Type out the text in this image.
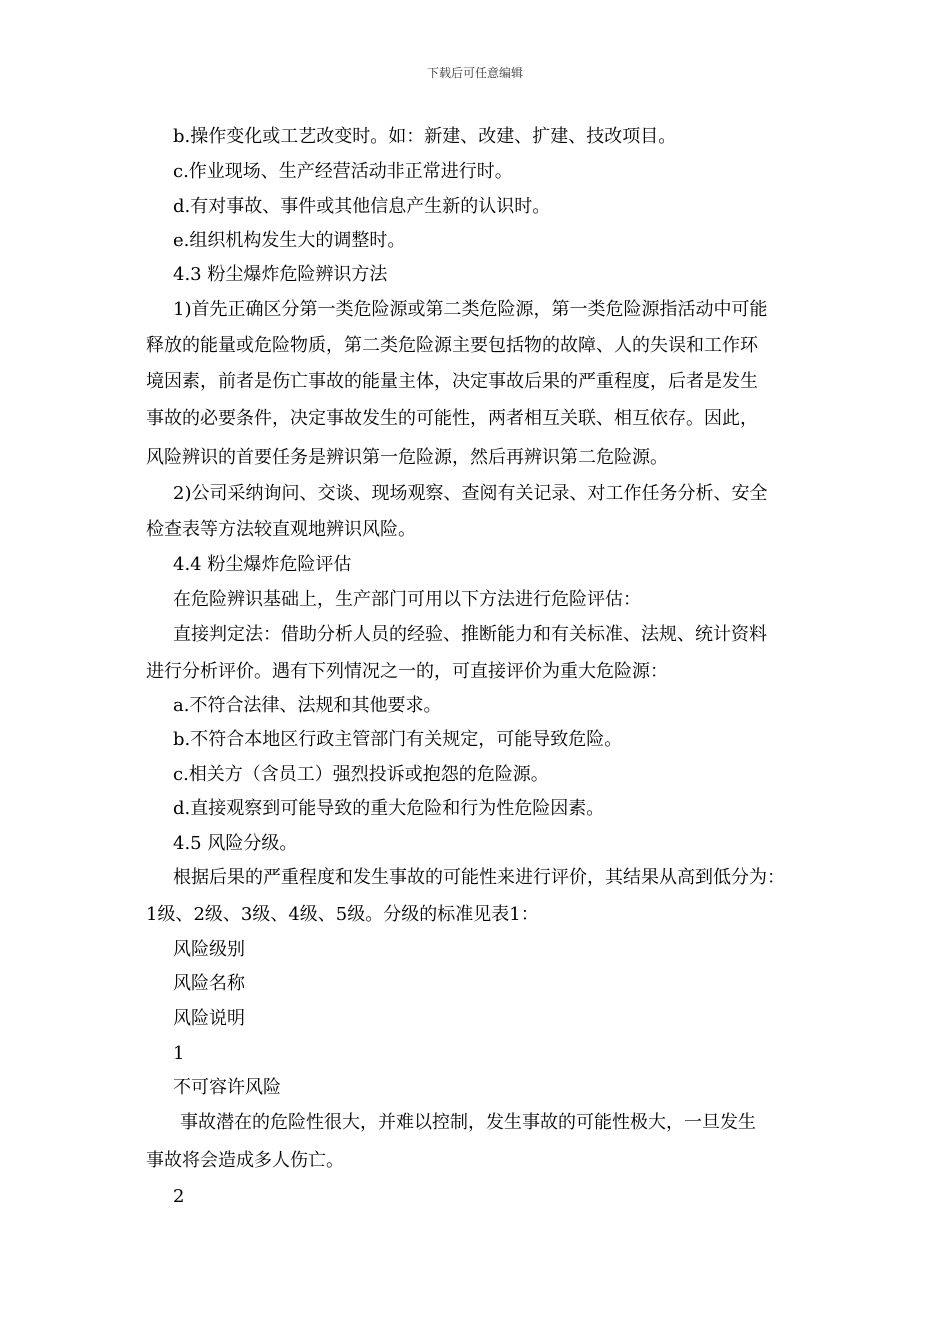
下载后可任意编辑
b.操作变化或工艺改变时。如：新建、改建、扩建、技改项目。
c.作业现场、生产经营活动非正常进行时。
d.有对事故、事件或其他信息产生新的认识时。
e.组织机构发生大的调整时。
4.3 粉尘爆炸危险辨识方法
1)首先正确区分第一类危险源或第二类危险源，第一类危险源指活动中可能
释放的能量或危险物质，第二类危险源主要包括物的故障、人的失误和工作环
境因素，前者是伤亡事故的能量主体，决定事故后果的严重程度，后者是发生
事故的必要条件，决定事故发生的可能性，两者相互关联、相互依存。因此，
风险辨识的首要任务是辨识第一危险源，然后再辨识第二危险源。
2)公司采纳询问、交谈、现场观察、查阅有关记录、对工作任务分析、安全
检查表等方法较直观地辨识风险。
4.4 粉尘爆炸危险评估
在危险辨识基础上，生产部门可用以下方法进行危险评估：
直接判定法：借助分析人员的经验、推断能力和有关标准、法规、统计资料
进行分析评价。遇有下列情况之一的，可直接评价为重大危险源：
a.不符合法律、法规和其他要求。
b.不符合本地区行政主管部门有关规定，可能导致危险。
c.相关方（含员工）强烈投诉或抱怨的危险源。
d.直接观察到可能导致的重大危险和行为性危险因素。
4.5 风险分级。
根据后果的严重程度和发生事故的可能性来进行评价，其结果从高到低分为：
1级、2级、3级、4级、5级。分级的标准见表1：
风险级别
风险名称
风险说明
1
不可容许风险
事故潜在的危险性很大，并难以控制，发生事故的可能性极大，一旦发生
事故将会造成多人伤亡。
2
